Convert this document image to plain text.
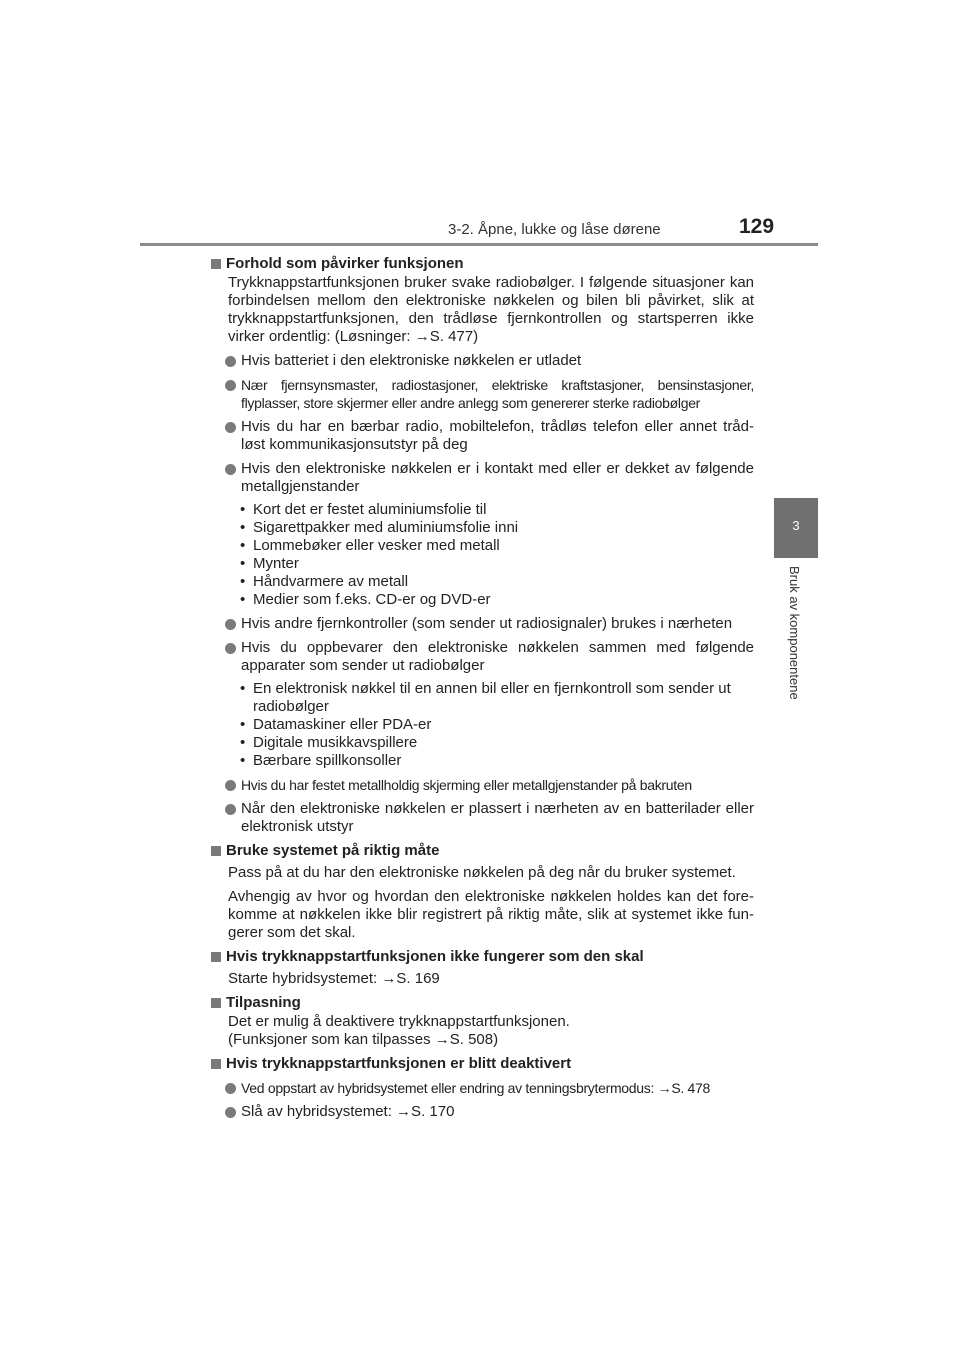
3-2. Åpne, lukke og låse dørene	129
3
Bruk av komponentene
Forhold som påvirker funksjonen
Trykknappstartfunksjonen bruker svake radiobølger. I følgende situasjoner kan forbindelsen mellom den elektroniske nøkkelen og bilen bli påvirket, slik at trykknappstartfunksjonen, den trådløse fjernkontrollen og startsperren ikke virker ordentlig: (Løsninger: →S. 477)
Hvis batteriet i den elektroniske nøkkelen er utladet
Nær fjernsynsmaster, radiostasjoner, elektriske kraftstasjoner, bensinstasjoner, flyplasser, store skjermer eller andre anlegg som genererer sterke radiobølger
Hvis du har en bærbar radio, mobiltelefon, trådløs telefon eller annet tråd- løst kommunikasjonsutstyr på deg
Hvis den elektroniske nøkkelen er i kontakt med eller er dekket av følgende metallgjenstander
• Kort det er festet aluminiumsfolie til
• Sigarettpakker med aluminiumsfolie inni
• Lommebøker eller vesker med metall
• Mynter
• Håndvarmere av metall
• Medier som f.eks. CD-er og DVD-er
Hvis andre fjernkontroller (som sender ut radiosignaler) brukes i nærheten
Hvis du oppbevarer den elektroniske nøkkelen sammen med følgende apparater som sender ut radiobølger
• En elektronisk nøkkel til en annen bil eller en fjernkontroll som sender ut radiobølger
• Datamaskiner eller PDA-er
• Digitale musikkavspillere
• Bærbare spillkonsoller
Hvis du har festet metallholdig skjerming eller metallgjenstander på bakruten
Når den elektroniske nøkkelen er plassert i nærheten av en batterilader eller elektronisk utstyr
Bruke systemet på riktig måte
Pass på at du har den elektroniske nøkkelen på deg når du bruker systemet.
Avhengig av hvor og hvordan den elektroniske nøkkelen holdes kan det fore- komme at nøkkelen ikke blir registrert på riktig måte, slik at systemet ikke fun- gerer som det skal.
Hvis trykknappstartfunksjonen ikke fungerer som den skal
Starte hybridsystemet: →S. 169
Tilpasning
Det er mulig å deaktivere trykknappstartfunksjonen.
(Funksjoner som kan tilpasses →S. 508)
Hvis trykknappstartfunksjonen er blitt deaktivert
Ved oppstart av hybridsystemet eller endring av tenningsbrytermodus: →S. 478
Slå av hybridsystemet: →S. 170
